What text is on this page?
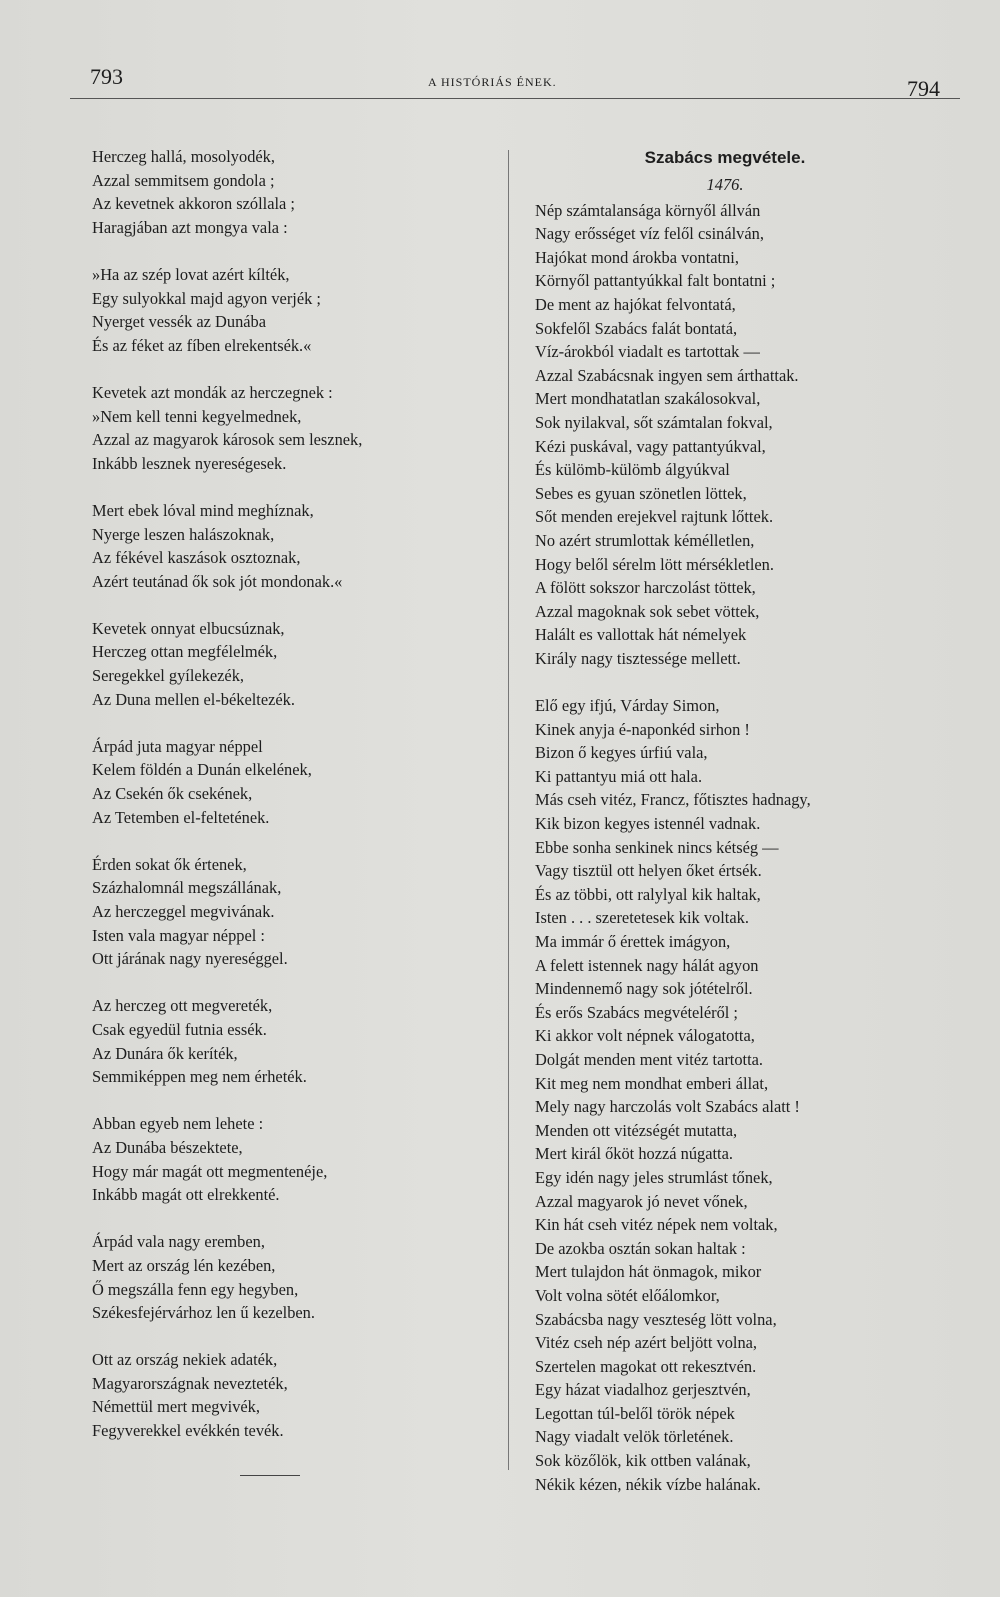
793	A HISTÓRIÁS ÉNEK.	794
Herczeg hallá, mosolyodék,
Azzal semmitsem gondola ;
Az kevetnek akkoron szóllala ;
Haragjában azt mongya vala :
»Ha az szép lovat azért kílték,
Egy sulyokkal majd agyon verjék ;
Nyerget vessék az Dunába
És az féket az fíben elrekentsék.«
Kevetek azt mondák az herczegnek :
»Nem kell tenni kegyelmednek,
Azzal az magyarok károsok sem lesznek,
Inkább lesznek nyereségesek.
Mert ebek lóval mind meghíznak,
Nyerge leszen halászoknak,
Az fékével kaszások osztoznak,
Azért teutánad ők sok jót mondonak.«
Kevetek onnyat elbucsúznak,
Herczeg ottan megfélelmék,
Seregekkel gyílekezék,
Az Duna mellen el-békeltezék.
Árpád juta magyar néppel
Kelem földén a Dunán elkelének,
Az Csekén ők csekének,
Az Tetemben el-feltetének.
Érden sokat ők értenek,
Százhalomnál megszállának,
Az herczeggel megvivának.
Isten vala magyar néppel :
Ott járának nagy nyereséggel.
Az herczeg ott megvereték,
Csak egyedül futnia essék.
Az Dunára ők keríték,
Semmiképpen meg nem érheték.
Abban egyeb nem lehete :
Az Dunába bészektete,
Hogy már magát ott megmentenéje,
Inkább magát ott elrekkenté.
Árpád vala nagy eremben,
Mert az ország lén kezében,
Ő megszálla fenn egy hegyben,
Székesfejérvárhoz len ű kezelben.
Ott az ország nekiek adaték,
Magyarországnak nevezteték,
Némettül mert megvivék,
Fegyverekkel evékkén tevék.
Szabács megvétele.
1476.
Nép számtalansága környől állván
Nagy erősséget víz felől csinálván,
Hajókat mond árokba vontatni,
Környől pattantyúkkal falt bontatni ;
De ment az hajókat felvontatá,
Sokfelől Szabács falát bontatá,
Víz-árokból viadalt es tartottak —
Azzal Szabácsnak ingyen sem árthattak.
Mert mondhatatlan szakálosokval,
Sok nyilakval, sőt számtalan fokval,
Kézi puskával, vagy pattantyúkval,
És külömb-külömb álgyúkval
Sebes es gyuan szönetlen löttek,
Sőt menden erejekvel rajtunk lőttek.
No azért strumlottak kémélletlen,
Hogy belől sérelm lött mérsékletlen.
A fölött sokszor harczolást töttek,
Azzal magoknak sok sebet vöttek,
Halált es vallottak hát némelyek
Király nagy tisztessége mellett.
Elő egy ifjú, Várday Simon,
Kinek anyja é-naponkéd sirhon !
Bizon ő kegyes úrfiú vala,
Ki pattantyu miá ott hala.
Más cseh vitéz, Francz, főtisztes hadnagy,
Kik bizon kegyes istennél vadnak.
Ebbe sonha senkinek nincs kétség —
Vagy tisztül ott helyen őket értsék.
És az többi, ott ralylyal kik haltak,
Isten . . . szeretetesek kik voltak.
Ma immár ő érettek imágyon,
A felett istennek nagy hálát agyon
Mindennemő nagy sok jótételről.
És erős Szabács megvételéről ;
Ki akkor volt népnek válogatotta,
Dolgát menden ment vitéz tartotta.
Kit meg nem mondhat emberi állat,
Mely nagy harczolás volt Szabács alatt !
Menden ott vitézségét mutatta,
Mert királ őköt hozzá núgatta.
Egy idén nagy jeles strumlást tőnek,
Azzal magyarok jó nevet vőnek,
Kin hát cseh vitéz népek nem voltak,
De azokba osztán sokan haltak :
Mert tulajdon hát önmagok, mikor
Volt volna sötét előálomkor,
Szabácsba nagy veszteség lött volna,
Vitéz cseh nép azért beljött volna,
Szertelen magokat ott rekesztvén.
Egy házat viadalhoz gerjesztvén,
Legottan túl-belől török népek
Nagy viadalt velök törletének.
Sok közőlök, kik ottben valának,
Nékik kézen, nékik vízbe halának.
